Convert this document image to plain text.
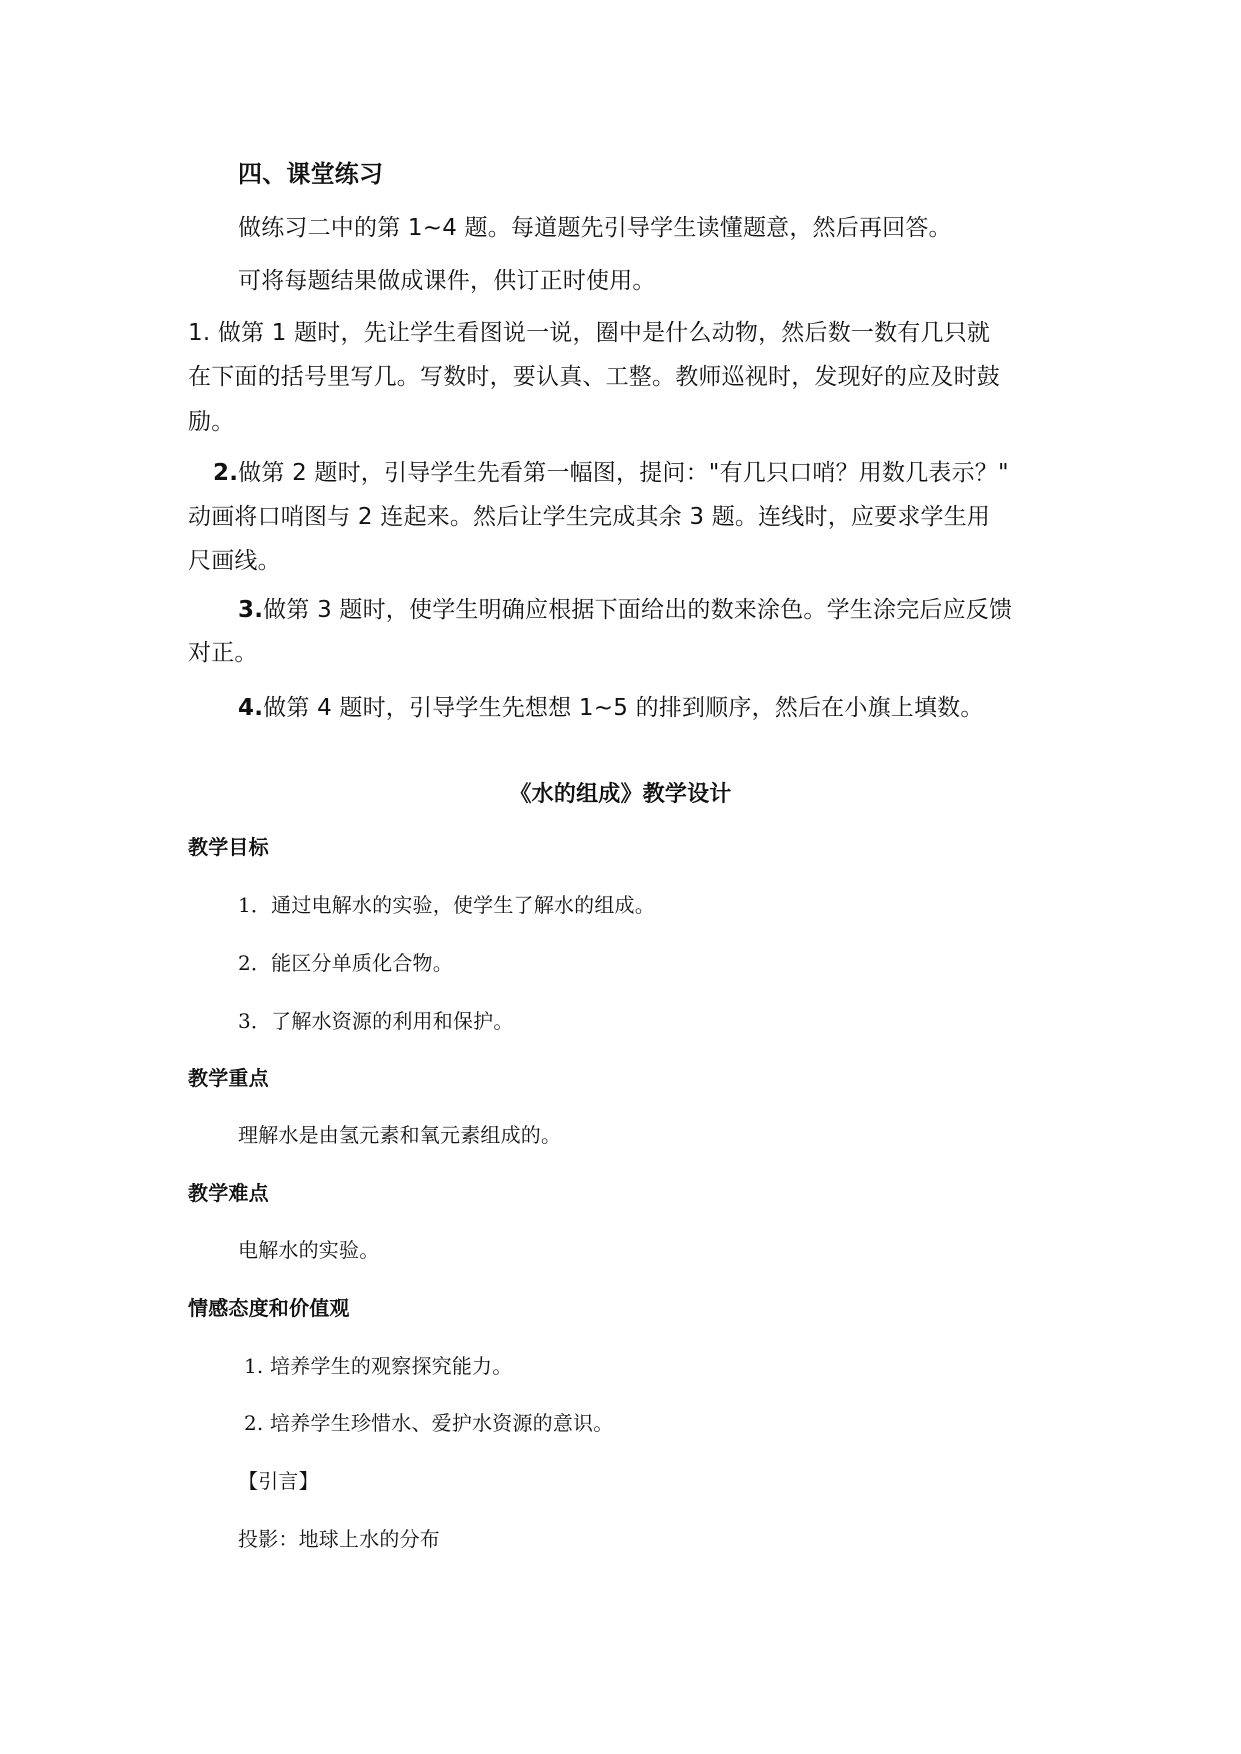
四、课堂练习
做练习二中的第 1~4 题。每道题先引导学生读懂题意，然后再回答。
可将每题结果做成课件，供订正时使用。
1. 做第 1 题时，先让学生看图说一说，圈中是什么动物，然后数一数有几只就
在下面的括号里写几。写数时，要认真、工整。教师巡视时，发现好的应及时鼓
励。
2.做第 2 题时，引导学生先看第一幅图，提问："有几只口哨？用数几表示？"
动画将口哨图与 2 连起来。然后让学生完成其余 3 题。连线时，应要求学生用
尺画线。
3.做第 3 题时，使学生明确应根据下面给出的数来涂色。学生涂完后应反馈
对正。
4.做第 4 题时，引导学生先想想 1~5 的排到顺序，然后在小旗上填数。
《水的组成》教学设计
教学目标
1．通过电解水的实验，使学生了解水的组成。
2．能区分单质化合物。
3．了解水资源的利用和保护。
教学重点
理解水是由氢元素和氧元素组成的。
教学难点
电解水的实验。
情感态度和价值观
1. 培养学生的观察探究能力。
2. 培养学生珍惜水、爱护水资源的意识。
【引言】
投影：地球上水的分布
